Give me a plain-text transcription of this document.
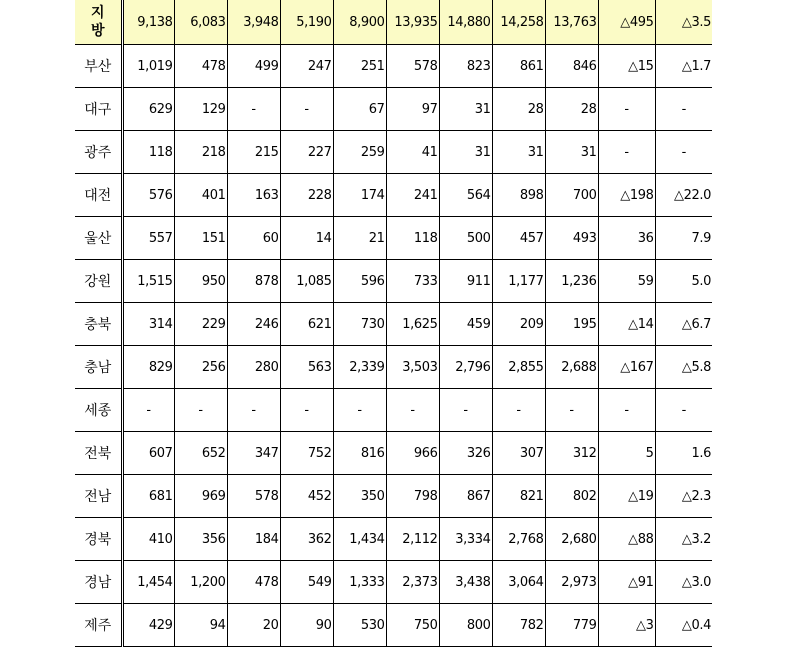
지
방	9,138	6,083	3,948	5,190	8,900	13,935	14,880	14,258	13,763	△495	△3.5
부산	1,019	478	499	247	251	578	823	861	846	△15	△1.7
대구	629	129	-	-	67	97	31	28	28	-	-
광주	118	218	215	227	259	41	31	31	31	-	-
대전	576	401	163	228	174	241	564	898	700	△198	△22.0
울산	557	151	60	14	21	118	500	457	493	36	7.9
강원	1,515	950	878	1,085	596	733	911	1,177	1,236	59	5.0
충북	314	229	246	621	730	1,625	459	209	195	△14	△6.7
충남	829	256	280	563	2,339	3,503	2,796	2,855	2,688	△167	△5.8
세종	-	-	-	-	-	-	-	-	-	-	-
전북	607	652	347	752	816	966	326	307	312	5	1.6
전남	681	969	578	452	350	798	867	821	802	△19	△2.3
경북	410	356	184	362	1,434	2,112	3,334	2,768	2,680	△88	△3.2
경남	1,454	1,200	478	549	1,333	2,373	3,438	3,064	2,973	△91	△3.0
제주	429	94	20	90	530	750	800	782	779	△3	△0.4
